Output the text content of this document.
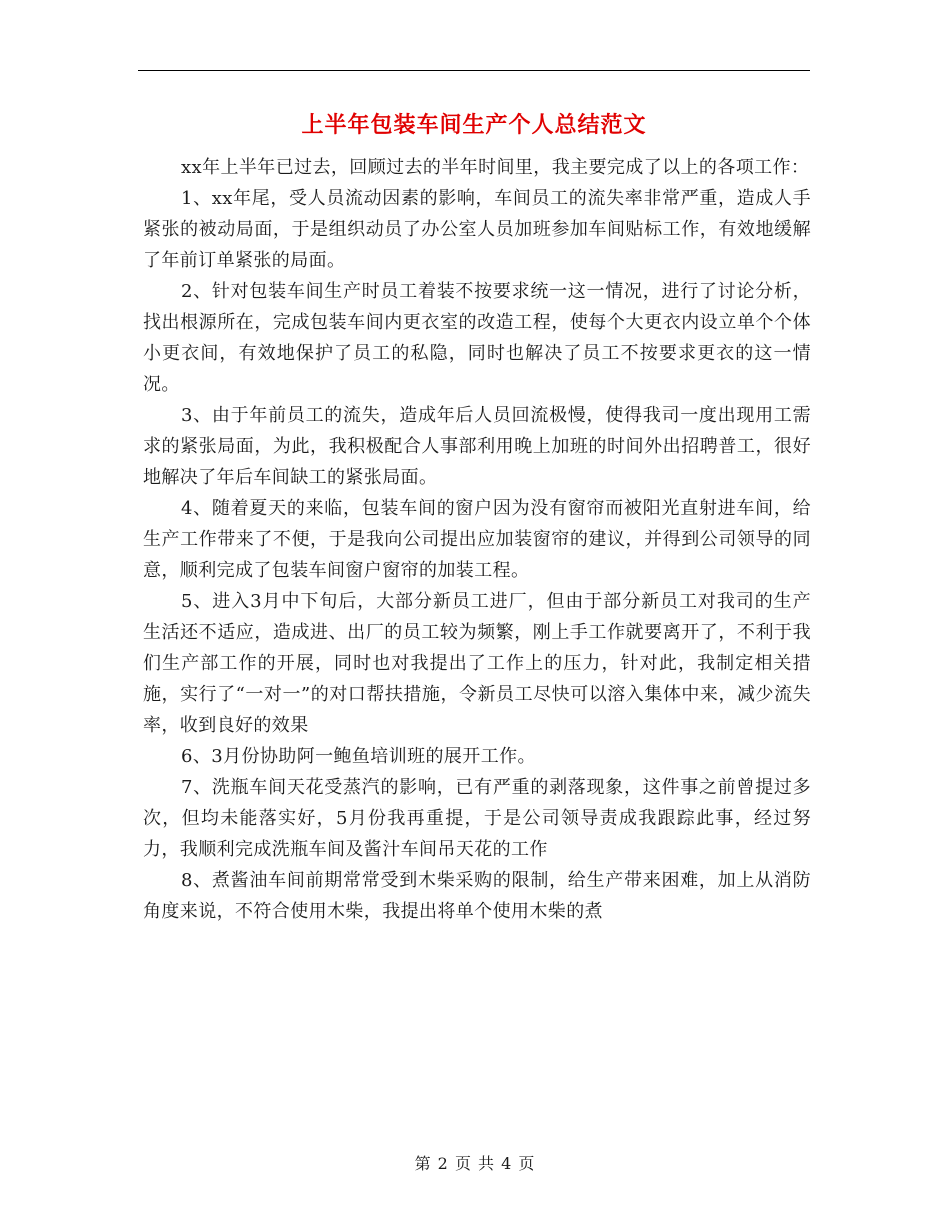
上半年包装车间生产个人总结范文

xx年上半年已过去，回顾过去的半年时间里，我主要完成了以上的各项工作：

1、xx年尾，受人员流动因素的影响，车间员工的流失率非常严重，造成人手紧张的被动局面，于是组织动员了办公室人员加班参加车间贴标工作，有效地缓解了年前订单紧张的局面。

2、针对包装车间生产时员工着装不按要求统一这一情况，进行了讨论分析，找出根源所在，完成包装车间内更衣室的改造工程，使每个大更衣内设立单个个体小更衣间，有效地保护了员工的私隐，同时也解决了员工不按要求更衣的这一情况。

3、由于年前员工的流失，造成年后人员回流极慢，使得我司一度出现用工需求的紧张局面，为此，我积极配合人事部利用晚上加班的时间外出招聘普工，很好地解决了年后车间缺工的紧张局面。

4、随着夏天的来临，包装车间的窗户因为没有窗帘而被阳光直射进车间，给生产工作带来了不便，于是我向公司提出应加装窗帘的建议，并得到公司领导的同意，顺利完成了包装车间窗户窗帘的加装工程。

5、进入3月中下旬后，大部分新员工进厂，但由于部分新员工对我司的生产生活还不适应，造成进、出厂的员工较为频繁，刚上手工作就要离开了，不利于我们生产部工作的开展，同时也对我提出了工作上的压力，针对此，我制定相关措施，实行了“一对一”的对口帮扶措施，令新员工尽快可以溶入集体中来，减少流失率，收到良好的效果

6、3月份协助阿一鲍鱼培训班的展开工作。

7、洗瓶车间天花受蒸汽的影响，已有严重的剥落现象，这件事之前曾提过多次，但均未能落实好，5月份我再重提，于是公司领导责成我跟踪此事，经过努力，我顺利完成洗瓶车间及酱汁车间吊天花的工作

8、煮酱油车间前期常常受到木柴采购的限制，给生产带来困难，加上从消防角度来说，不符合使用木柴，我提出将单个使用木柴的煮

第 2 页 共 4 页
